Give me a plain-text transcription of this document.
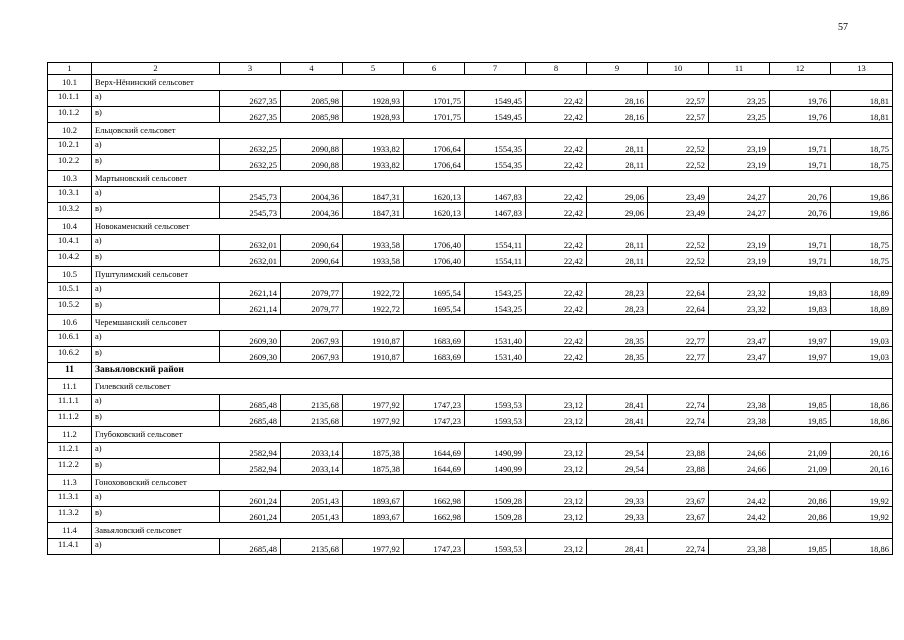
57
1	2	3	4	5	6	7	8	9	10	11	12	13
10.1	Верх-Нёнинский сельсовет											
10.1.1	а)	2627,35	2085,98	1928,93	1701,75	1549,45	22,42	28,16	22,57	23,25	19,76	18,81
10.1.2	в)	2627,35	2085,98	1928,93	1701,75	1549,45	22,42	28,16	22,57	23,25	19,76	18,81
10.2	Ельцовский сельсовет											
10.2.1	а)	2632,25	2090,88	1933,82	1706,64	1554,35	22,42	28,11	22,52	23,19	19,71	18,75
10.2.2	в)	2632,25	2090,88	1933,82	1706,64	1554,35	22,42	28,11	22,52	23,19	19,71	18,75
10.3	Мартыновский сельсовет											
10.3.1	а)	2545,73	2004,36	1847,31	1620,13	1467,83	22,42	29,06	23,49	24,27	20,76	19,86
10.3.2	в)	2545,73	2004,36	1847,31	1620,13	1467,83	22,42	29,06	23,49	24,27	20,76	19,86
10.4	Новокаменский сельсовет											
10.4.1	а)	2632,01	2090,64	1933,58	1706,40	1554,11	22,42	28,11	22,52	23,19	19,71	18,75
10.4.2	в)	2632,01	2090,64	1933,58	1706,40	1554,11	22,42	28,11	22,52	23,19	19,71	18,75
10.5	Пуштулимский сельсовет											
10.5.1	а)	2621,14	2079,77	1922,72	1695,54	1543,25	22,42	28,23	22,64	23,32	19,83	18,89
10.5.2	в)	2621,14	2079,77	1922,72	1695,54	1543,25	22,42	28,23	22,64	23,32	19,83	18,89
10.6	Черемшанский сельсовет											
10.6.1	а)	2609,30	2067,93	1910,87	1683,69	1531,40	22,42	28,35	22,77	23,47	19,97	19,03
10.6.2	в)	2609,30	2067,93	1910,87	1683,69	1531,40	22,42	28,35	22,77	23,47	19,97	19,03
11	Завьяловский район											
11.1	Гилевский сельсовет											
11.1.1	а)	2685,48	2135,68	1977,92	1747,23	1593,53	23,12	28,41	22,74	23,38	19,85	18,86
11.1.2	в)	2685,48	2135,68	1977,92	1747,23	1593,53	23,12	28,41	22,74	23,38	19,85	18,86
11.2	Глубоковский сельсовет											
11.2.1	а)	2582,94	2033,14	1875,38	1644,69	1490,99	23,12	29,54	23,88	24,66	21,09	20,16
11.2.2	в)	2582,94	2033,14	1875,38	1644,69	1490,99	23,12	29,54	23,88	24,66	21,09	20,16
11.3	Гонохововский сельсовет											
11.3.1	а)	2601,24	2051,43	1893,67	1662,98	1509,28	23,12	29,33	23,67	24,42	20,86	19,92
11.3.2	в)	2601,24	2051,43	1893,67	1662,98	1509,28	23,12	29,33	23,67	24,42	20,86	19,92
11.4	Завьяловский сельсовет											
11.4.1	а)	2685,48	2135,68	1977,92	1747,23	1593,53	23,12	28,41	22,74	23,38	19,85	18,86
